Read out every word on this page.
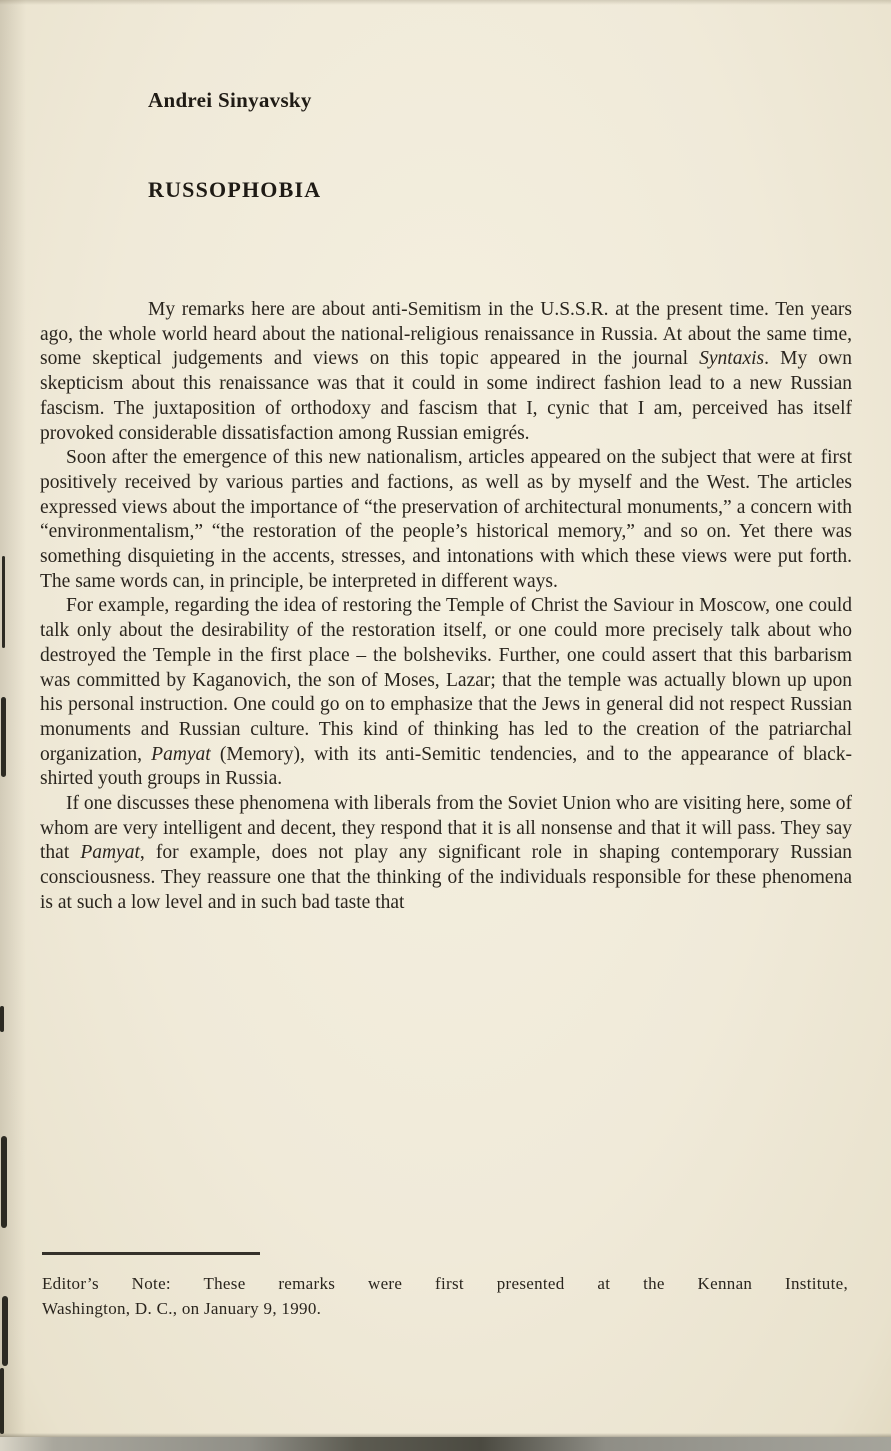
Andrei Sinyavsky
RUSSOPHOBIA

My remarks here are about anti-Semitism in the U.S.S.R. at the present time. Ten years ago, the whole world heard about the national-religious renaissance in Russia. At about the same time, some skeptical judgements and views on this topic appeared in the journal Syntaxis. My own skepticism about this renaissance was that it could in some indirect fashion lead to a new Russian fascism. The juxtaposition of orthodoxy and fascism that I, cynic that I am, perceived has itself provoked considerable dissatisfaction among Russian emigrés.

Soon after the emergence of this new nationalism, articles appeared on the subject that were at first positively received by various parties and factions, as well as by myself and the West. The articles expressed views about the importance of “the preservation of architectural monuments,” a concern with “environmentalism,” “the restoration of the people’s historical memory,” and so on. Yet there was something disquieting in the accents, stresses, and intonations with which these views were put forth. The same words can, in principle, be interpreted in different ways.

For example, regarding the idea of restoring the Temple of Christ the Saviour in Moscow, one could talk only about the desirability of the restoration itself, or one could more precisely talk about who destroyed the Temple in the first place – the bolsheviks. Further, one could assert that this barbarism was committed by Kaganovich, the son of Moses, Lazar; that the temple was actually blown up upon his personal instruction. One could go on to emphasize that the Jews in general did not respect Russian monuments and Russian culture. This kind of thinking has led to the creation of the patriarchal organization, Pamyat (Memory), with its anti-Semitic tendencies, and to the appearance of black-shirted youth groups in Russia.

If one discusses these phenomena with liberals from the Soviet Union who are visiting here, some of whom are very intelligent and decent, they respond that it is all nonsense and that it will pass. They say that Pamyat, for example, does not play any significant role in shaping contemporary Russian consciousness. They reassure one that the thinking of the individuals responsible for these phenomena is at such a low level and in such bad taste that

Editor’s Note: These remarks were first presented at the Kennan Institute,
Washington, D. C., on January 9, 1990.
